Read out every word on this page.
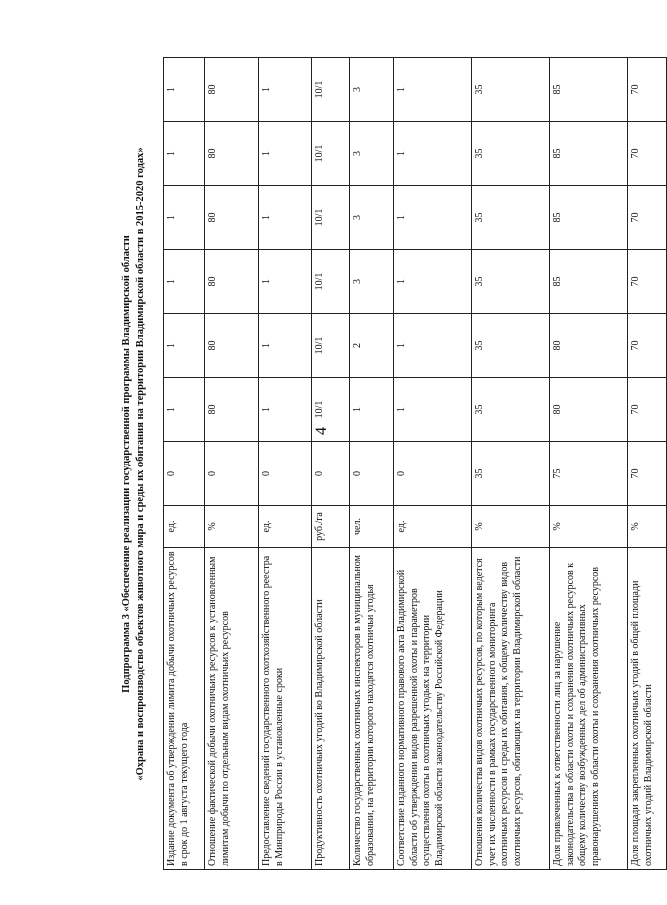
4
Подпрограмма 3 «Обеспечение реализации государственной программы Владимирской области «Охрана и воспроизводство объектов животного мира и среды их обитания на территории Владимирской области в 2015-2020 годах» Издание документа об утверждении лимита добычи охотничьих ресурсов в срок до 1 августа текущего года	ед.	0	1	1	1	1	1	1
Отношение фактической добычи охотничьих ресурсов к установленным лимитам добычи по отдельным видам охотничьих ресурсов	%	0	80	80	80	80	80	80
Предоставление сведений государственного охотхозяйственного реестра в Минприроды России в установленные сроки	ед.	0	1	1	1	1	1	1
Продуктивность охотничьих угодий во Владимирской области	руб./га	0	10/1	10/1	10/1	10/1	10/1	10/1
Количество государственных охотничьих инспекторов в муниципальном образовании, на территории которого находятся охотничьи угодья	чел.	0	1	2	3	3	3	3
Соответствие изданного нормативного правового акта Владимирской области об утверждении видов разрешенной охоты и параметров осуществления охоты в охотничьих угодьях на территории Владимирской области законодательству Российской Федерации	ед.	0	1	1	1	1	1	1
Отношения количества видов охотничьих ресурсов, по которым ведется учет их численности в рамках государственного мониторинга охотничьих ресурсов и среды их обитания, к общему количеству видов охотничьих ресурсов, обитающих на территории Владимирской области	%	35	35	35	35	35	35	35
Доля привлеченных к ответственности лиц за нарушение законодательства в области охоты и сохранения охотничьих ресурсов к общему количеству возбужденных дел об административных правонарушениях в области охоты и сохранения охотничьих ресурсов	%	75	80	80	85	85	85	85
Доля площади закрепленных охотничьих угодий в общей площади охотничьих угодий Владимирской области	%	70	70	70	70	70	70	70
